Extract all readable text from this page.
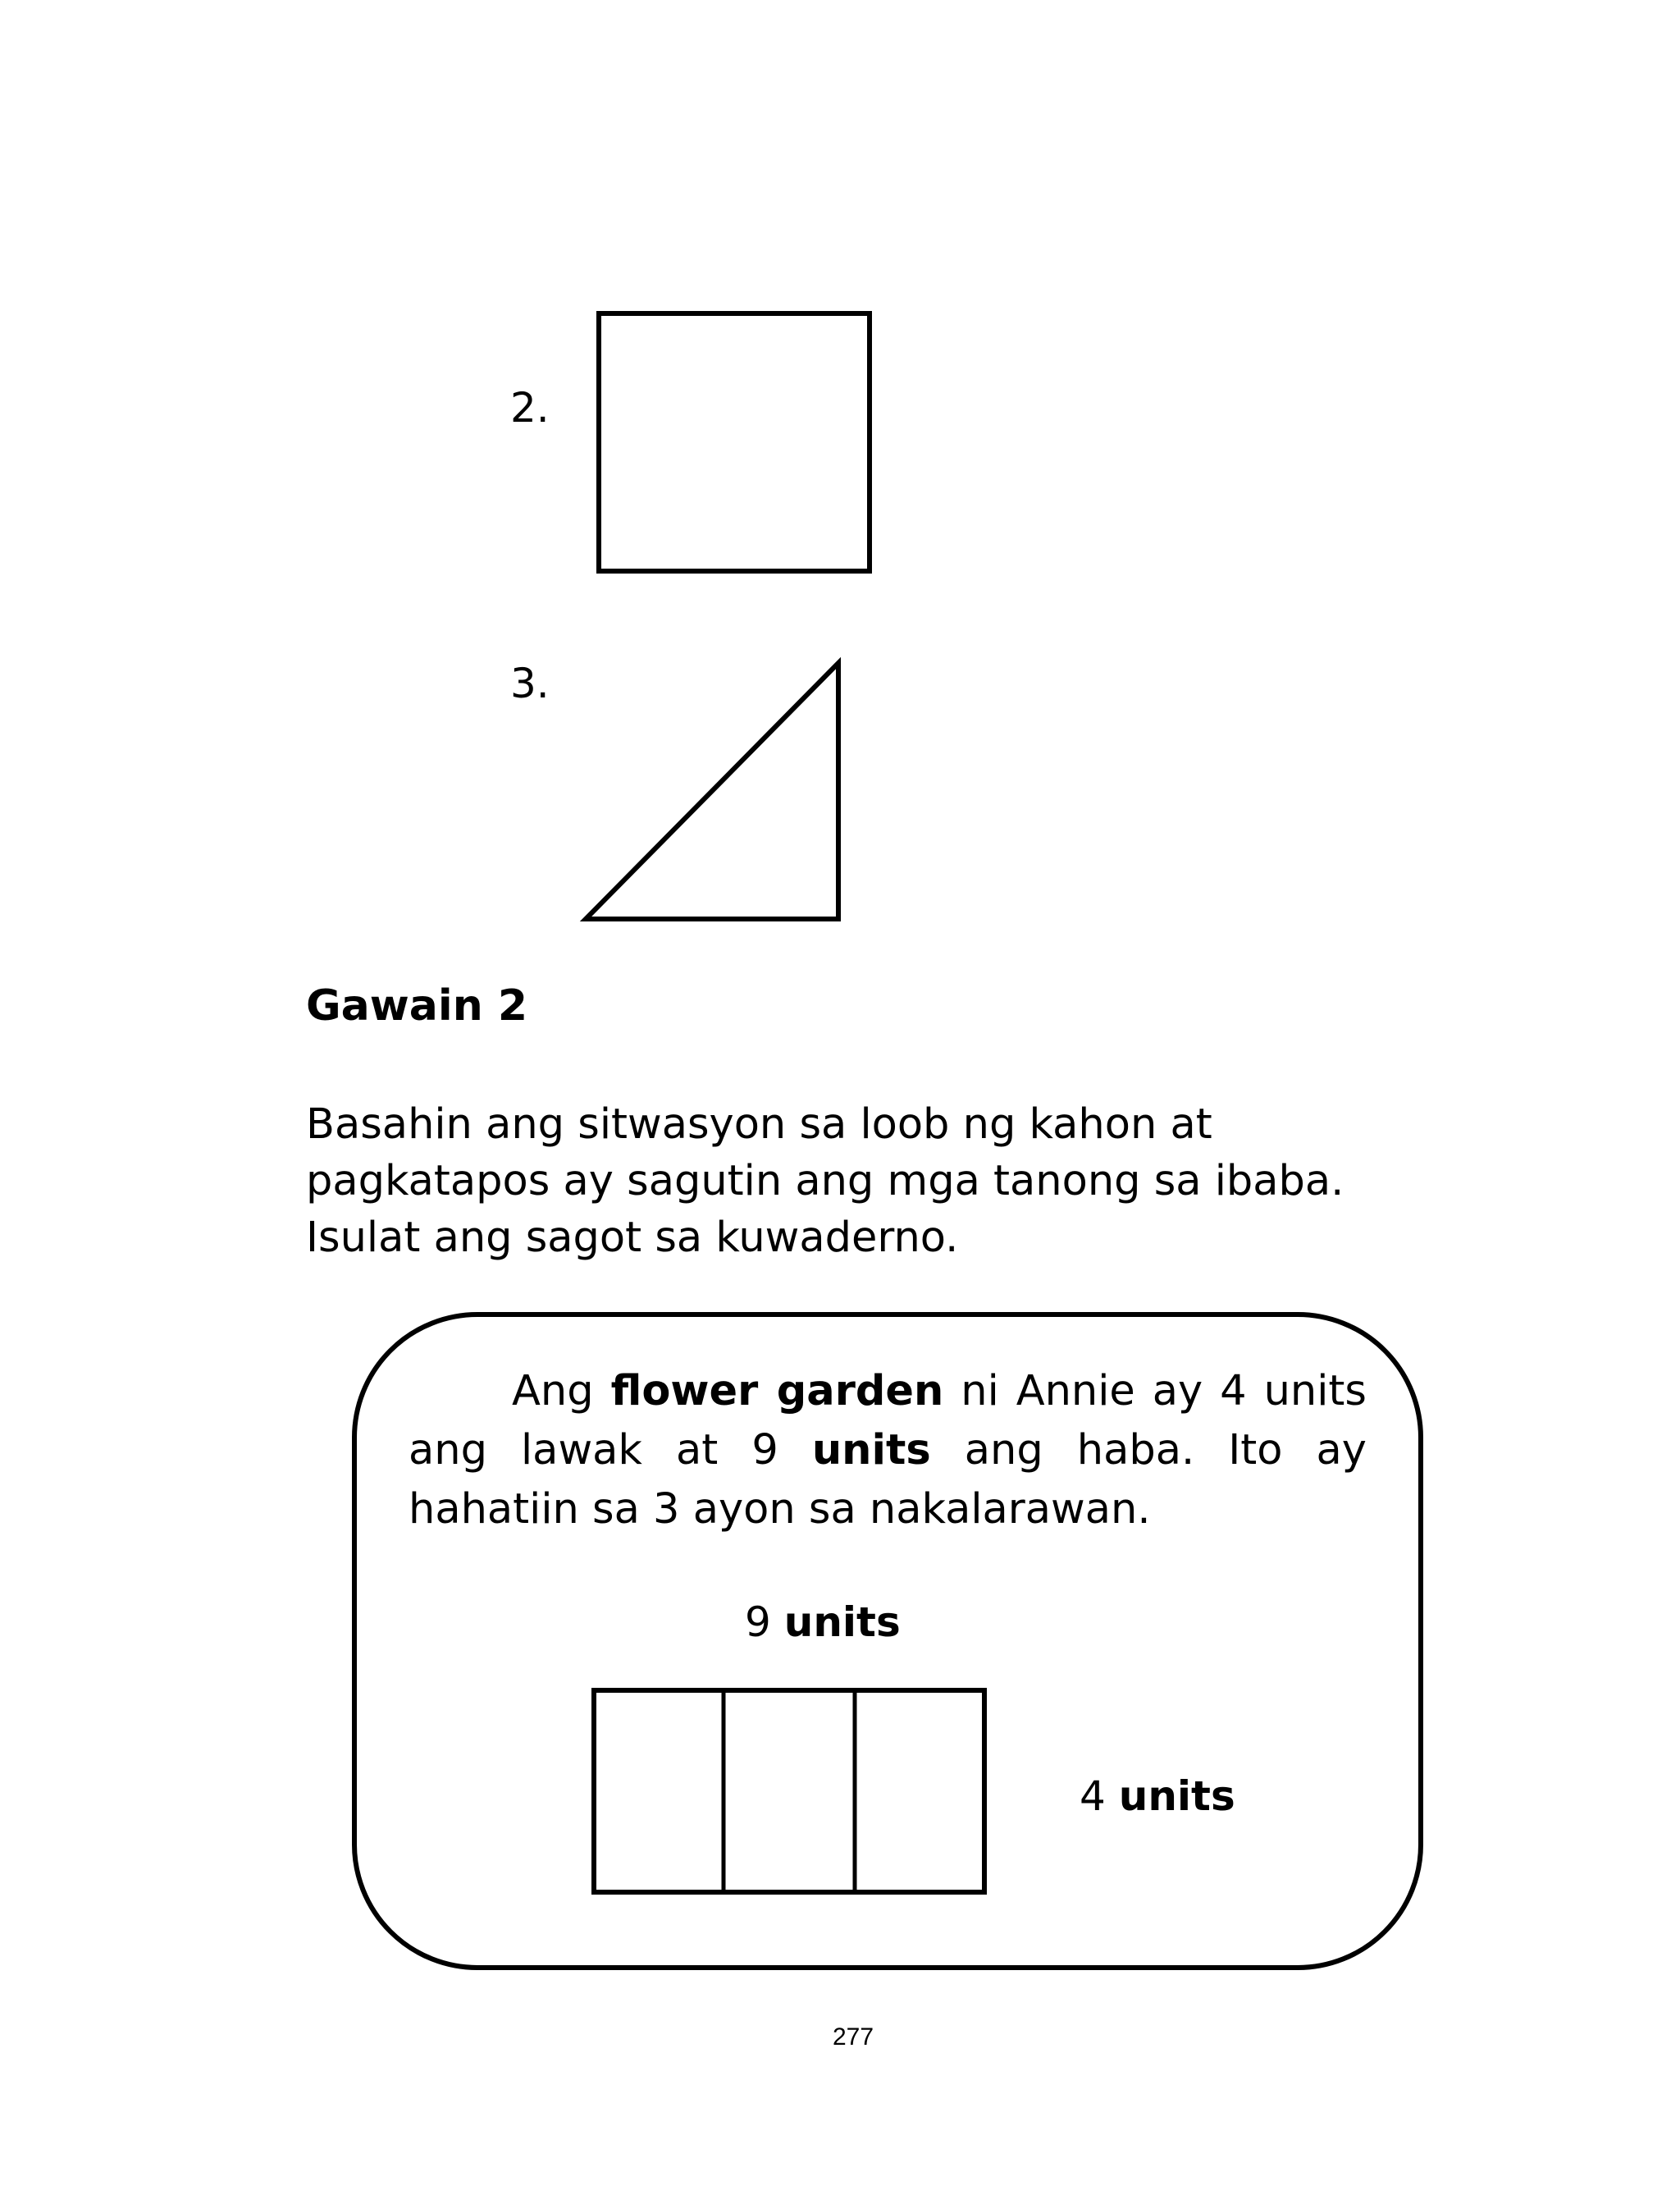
2.
3.
Gawain 2
Basahin ang sitwasyon sa loob ng kahon at
pagkatapos ay sagutin ang mga tanong sa ibaba.
Isulat ang sagot sa kuwaderno.
Ang flower garden ni Annie ay 4 units
ang lawak at 9 units ang haba. Ito ay
hahatiin sa 3 ayon sa nakalarawan.
9 units
4 units
277
